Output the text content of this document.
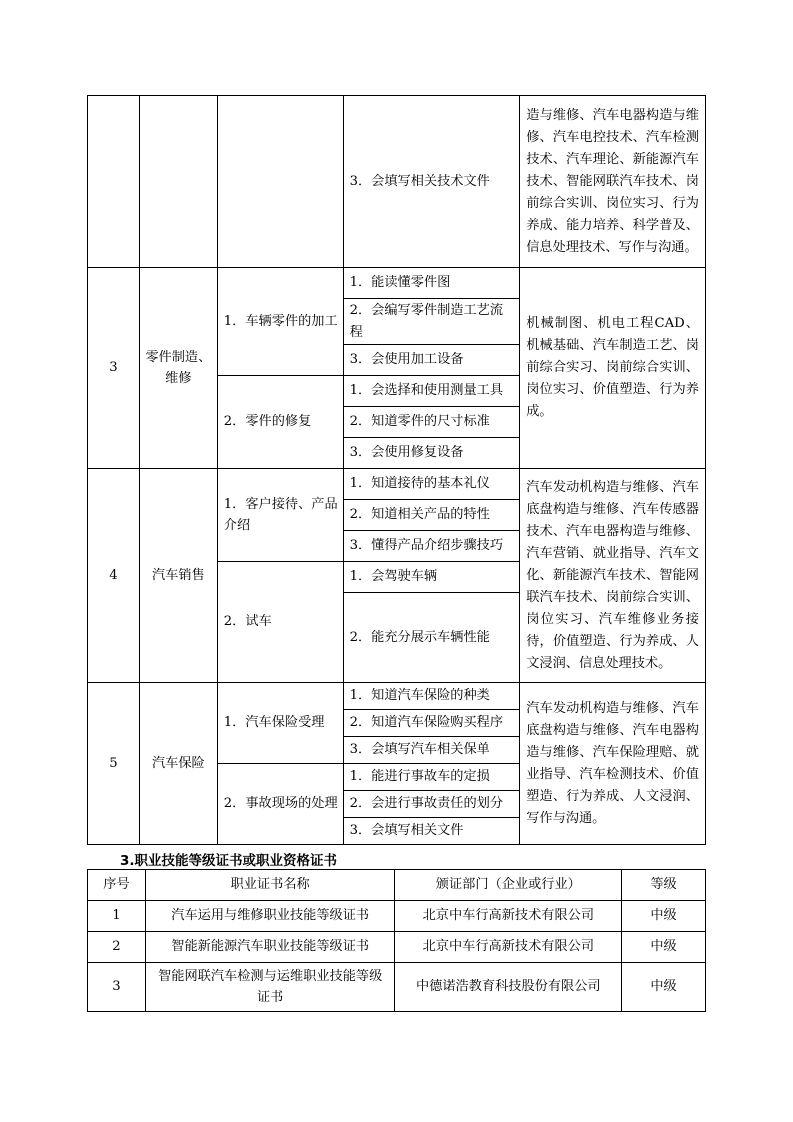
			3．会填写相关技术文件	造与维修、汽车电器构造与维修、汽车电控技术、汽车检测技术、汽车理论、新能源汽车技术、智能网联汽车技术、岗前综合实训、岗位实习、行为养成、能力培养、科学普及、信息处理技术、写作与沟通。
3	零件制造、维修	1．车辆零件的加工	1．能读懂零件图	机械制图、机电工程CAD、机械基础、汽车制造工艺、岗前综合实习、岗前综合实训、岗位实习、价值塑造、行为养成。
			2．会编写零件制造工艺流程	
			3．会使用加工设备	
		2．零件的修复	1．会选择和使用测量工具	
			2．知道零件的尺寸标准	
			3．会使用修复设备	
4	汽车销售	1．客户接待、产品介绍	1．知道接待的基本礼仪	汽车发动机构造与维修、汽车底盘构造与维修、汽车传感器技术、汽车电器构造与维修、汽车营销、就业指导、汽车文化、新能源汽车技术、智能网联汽车技术、岗前综合实训、岗位实习、汽车维修业务接待，价值塑造、行为养成、人文浸润、信息处理技术。
			2．知道相关产品的特性	
			3．懂得产品介绍步骤技巧	
		2．试车	1．会驾驶车辆	
			2．能充分展示车辆性能	
5	汽车保险	1．汽车保险受理	1．知道汽车保险的种类	汽车发动机构造与维修、汽车底盘构造与维修、汽车电器构造与维修、汽车保险理赔、就业指导、汽车检测技术、价值塑造、行为养成、人文浸润、写作与沟通。
			2．知道汽车保险购买程序	
			3．会填写汽车相关保单	
		2．事故现场的处理	1．能进行事故车的定损	
			2．会进行事故责任的划分	
			3．会填写相关文件	
3.职业技能等级证书或职业资格证书
序号	职业证书名称	颁证部门（企业或行业）	等级
1	汽车运用与维修职业技能等级证书	北京中车行高新技术有限公司	中级
2	智能新能源汽车职业技能等级证书	北京中车行高新技术有限公司	中级
3	智能网联汽车检测与运维职业技能等级证书	中德诺浩教育科技股份有限公司	中级
